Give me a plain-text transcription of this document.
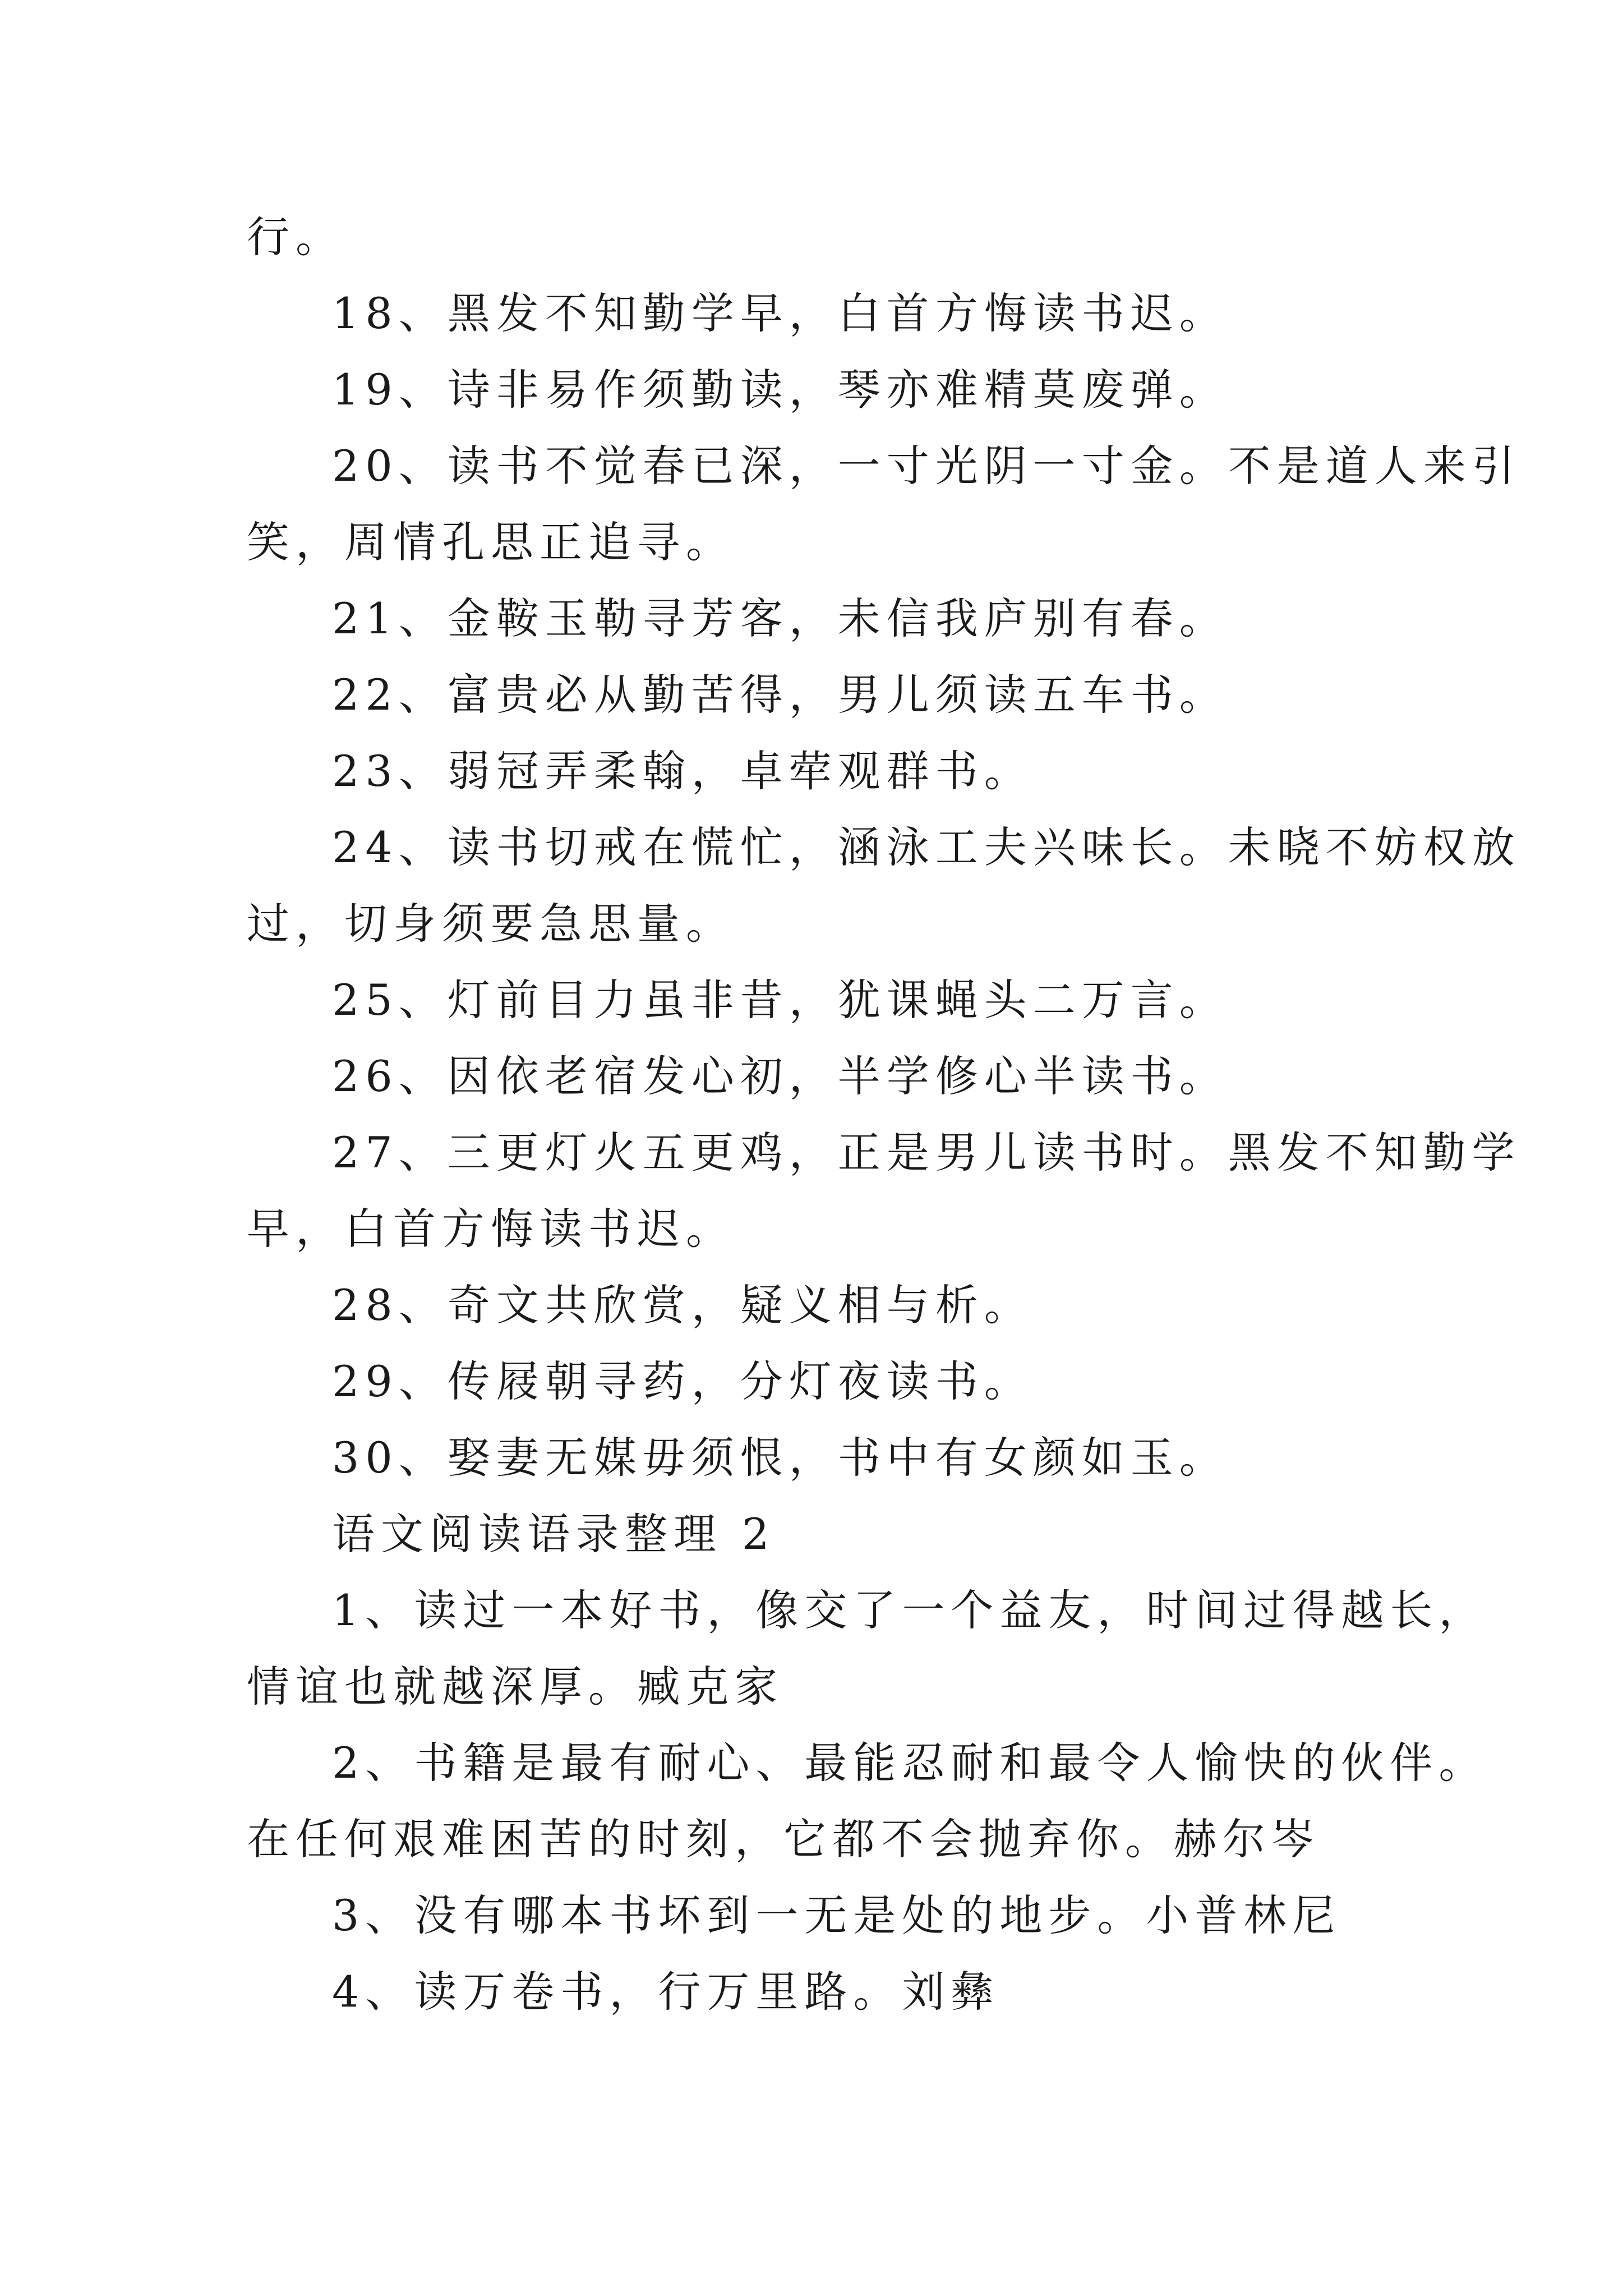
行。

18、黑发不知勤学早，白首方悔读书迟。

19、诗非易作须勤读，琴亦难精莫废弹。

20、读书不觉春已深，一寸光阴一寸金。不是道人来引

笑，周情孔思正追寻。

21、金鞍玉勒寻芳客，未信我庐别有春。

22、富贵必从勤苦得，男儿须读五车书。

23、弱冠弄柔翰，卓荦观群书。

24、读书切戒在慌忙，涵泳工夫兴味长。未晓不妨权放

过，切身须要急思量。

25、灯前目力虽非昔，犹课蝇头二万言。

26、因依老宿发心初，半学修心半读书。

27、三更灯火五更鸡，正是男儿读书时。黑发不知勤学

早，白首方悔读书迟。

28、奇文共欣赏，疑义相与析。

29、传屐朝寻药，分灯夜读书。

30、娶妻无媒毋须恨，书中有女颜如玉。

语文阅读语录整理 2

1、读过一本好书，像交了一个益友，时间过得越长，

情谊也就越深厚。臧克家

2、书籍是最有耐心、最能忍耐和最令人愉快的伙伴。

在任何艰难困苦的时刻，它都不会抛弃你。赫尔岑

3、没有哪本书坏到一无是处的地步。小普林尼

4、读万卷书，行万里路。刘彝
